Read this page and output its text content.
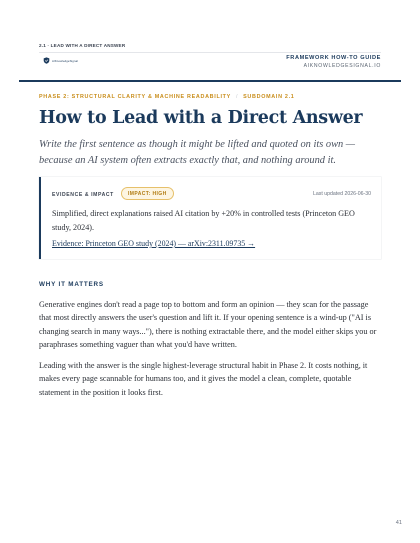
2.1 · LEAD WITH A DIRECT ANSWER
AIKnowledgeSignal	FRAMEWORK HOW-TO GUIDE
AIKNOWLEDGESIGNAL.IO
PHASE 2: STRUCTURAL CLARITY & MACHINE READABILITY / SUBDOMAIN 2.1
How to Lead with a Direct Answer

Write the first sentence as though it might be lifted and quoted on its own — because an AI system often extracts exactly that, and nothing around it.

EVIDENCE & IMPACT	IMPACT: HIGH	Last updated 2026-06-30

Simplified, direct explanations raised AI citation by +20% in controlled tests (Princeton GEO study, 2024).

Evidence: Princeton GEO study (2024) — arXiv:2311.09735 →
WHY IT MATTERS

Generative engines don't read a page top to bottom and form an opinion — they scan for the passage that most directly answers the user's question and lift it. If your opening sentence is a wind-up ("AI is changing search in many ways..."), there is nothing extractable there, and the model either skips you or paraphrases something vaguer than what you'd have written.

Leading with the answer is the single highest-leverage structural habit in Phase 2. It costs nothing, it makes every page scannable for humans too, and it gives the model a clean, complete, quotable statement in the position it looks first.

41
